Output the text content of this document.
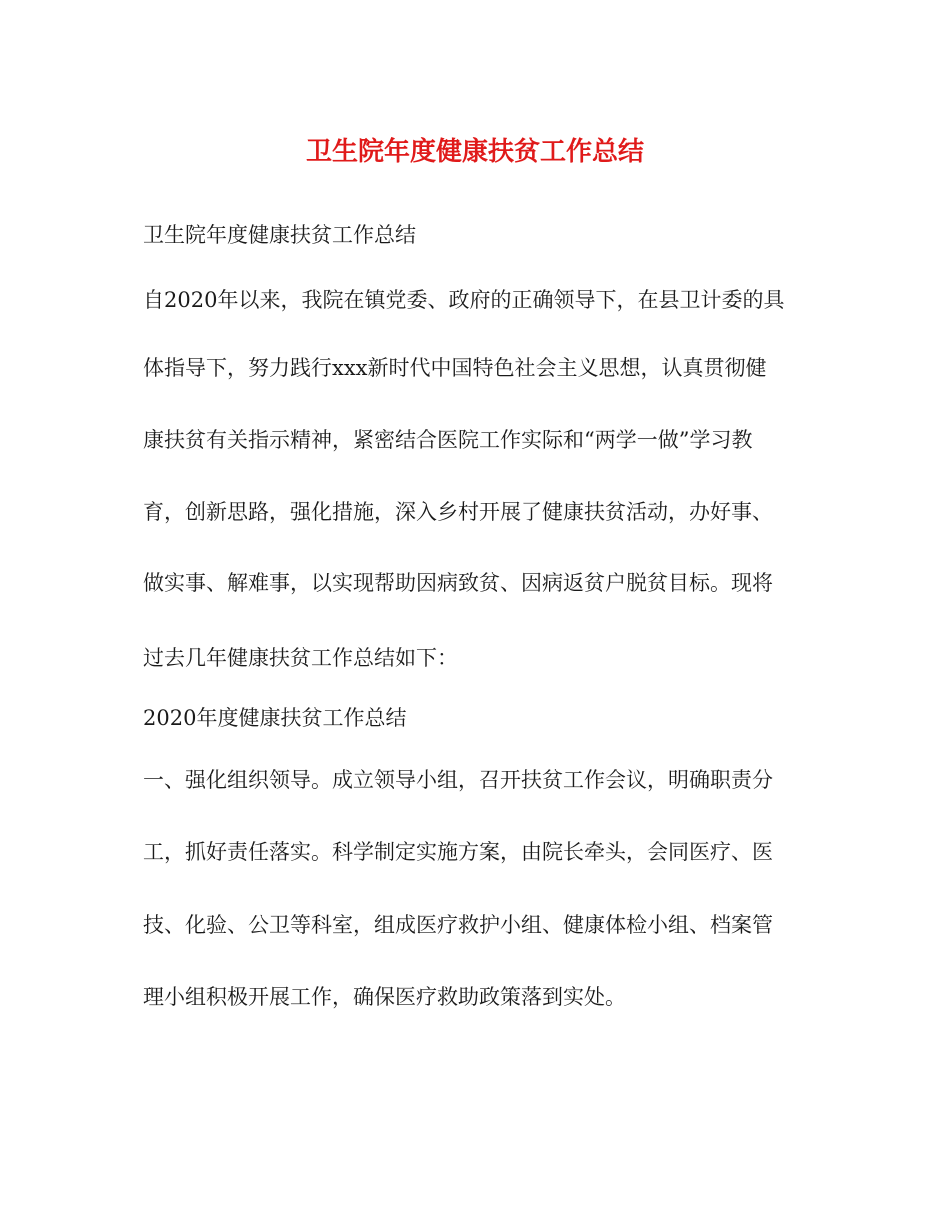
卫生院年度健康扶贫工作总结
卫生院年度健康扶贫工作总结
自2020年以来，我院在镇党委、政府的正确领导下，在县卫计委的具
体指导下，努力践行xxx新时代中国特色社会主义思想，认真贯彻健
康扶贫有关指示精神，紧密结合医院工作实际和“两学一做”学习教
育，创新思路，强化措施，深入乡村开展了健康扶贫活动，办好事、
做实事、解难事，以实现帮助因病致贫、因病返贫户脱贫目标。现将
过去几年健康扶贫工作总结如下：
2020年度健康扶贫工作总结
一、强化组织领导。成立领导小组，召开扶贫工作会议，明确职责分
工，抓好责任落实。科学制定实施方案，由院长牵头，会同医疗、医
技、化验、公卫等科室，组成医疗救护小组、健康体检小组、档案管
理小组积极开展工作，确保医疗救助政策落到实处。
